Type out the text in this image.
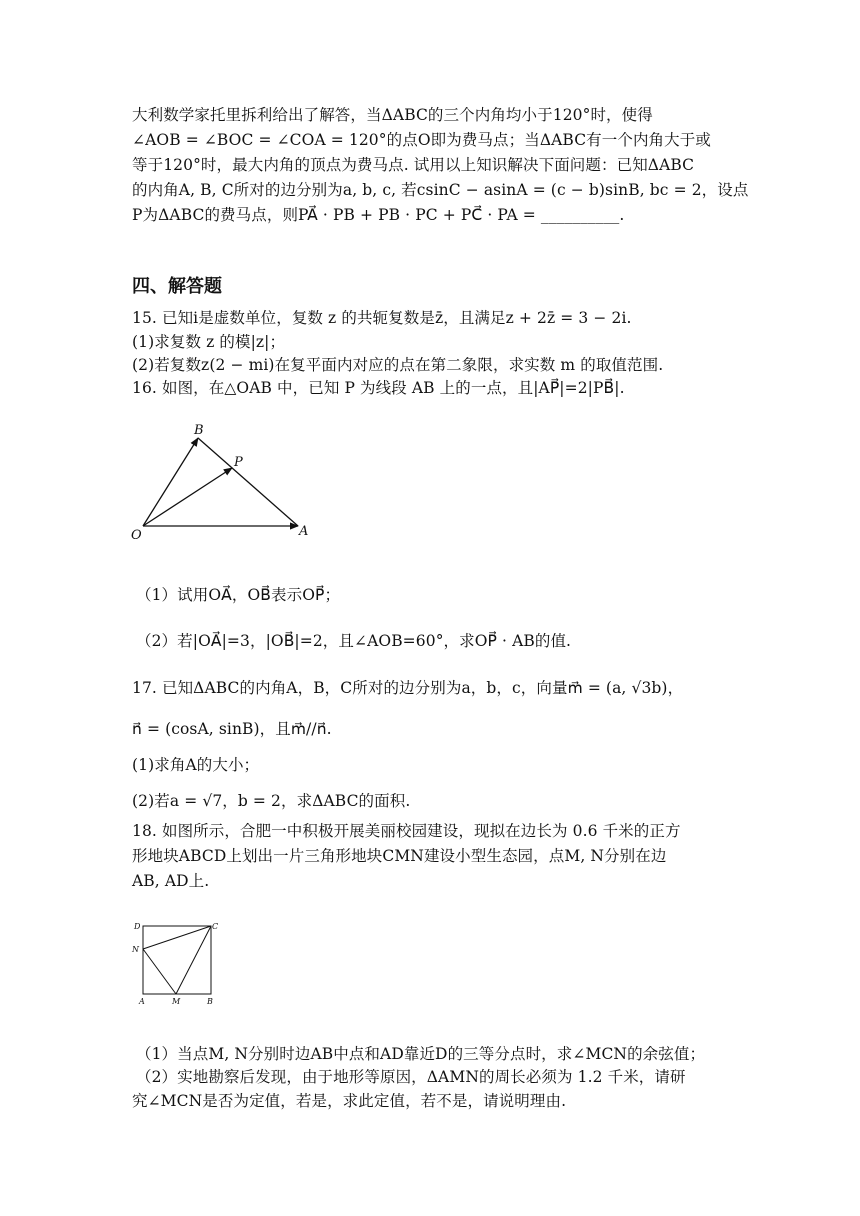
大利数学家托里拆利给出了解答，当ΔABC的三个内角均小于120°时，使得
∠AOB = ∠BOC = ∠COA = 120°的点O即为费马点；当ΔABC有一个内角大于或
等于120°时，最大内角的顶点为费马点. 试用以上知识解决下面问题：已知ΔABC
的内角A, B, C所对的边分别为a, b, c, 若csinC − asinA = (c − b)sinB, bc = 2，设点
P为ΔABC的费马点，则PA⃗ · PB + PB · PC + PC⃗ · PA = __________.
四、解答题
15. 已知i是虚数单位，复数 z 的共轭复数是z̄，且满足z + 2z̄ = 3 − 2i.
(1)求复数 z 的模|z|；
(2)若复数z(2 − mi)在复平面内对应的点在第二象限，求实数 m 的取值范围.
16. 如图，在△OAB 中，已知 P 为线段 AB 上的一点，且|AP⃗|=2|PB⃗|.
B
P
O	A
（1）试用OA⃗，OB⃗表示OP⃗；
（2）若|OA⃗|=3，|OB⃗|=2，且∠AOB=60°，求OP⃗ · AB的值.
17. 已知ΔABC的内角A，B，C所对的边分别为a，b，c，向量m⃗ = (a, √3b)，
n⃗ = (cosA, sinB)，且m⃗//n⃗.
(1)求角A的大小；
(2)若a = √7，b = 2，求ΔABC的面积.
18. 如图所示，合肥一中积极开展美丽校园建设，现拟在边长为 0.6 千米的正方
形地块ABCD上划出一片三角形地块CMN建设小型生态园，点M, N分别在边
AB, AD上.
D	C
N
A	M	B
（1）当点M, N分别时边AB中点和AD靠近D的三等分点时，求∠MCN的余弦值；
（2）实地勘察后发现，由于地形等原因，ΔAMN的周长必须为 1.2 千米，请研
究∠MCN是否为定值，若是，求此定值，若不是，请说明理由.
